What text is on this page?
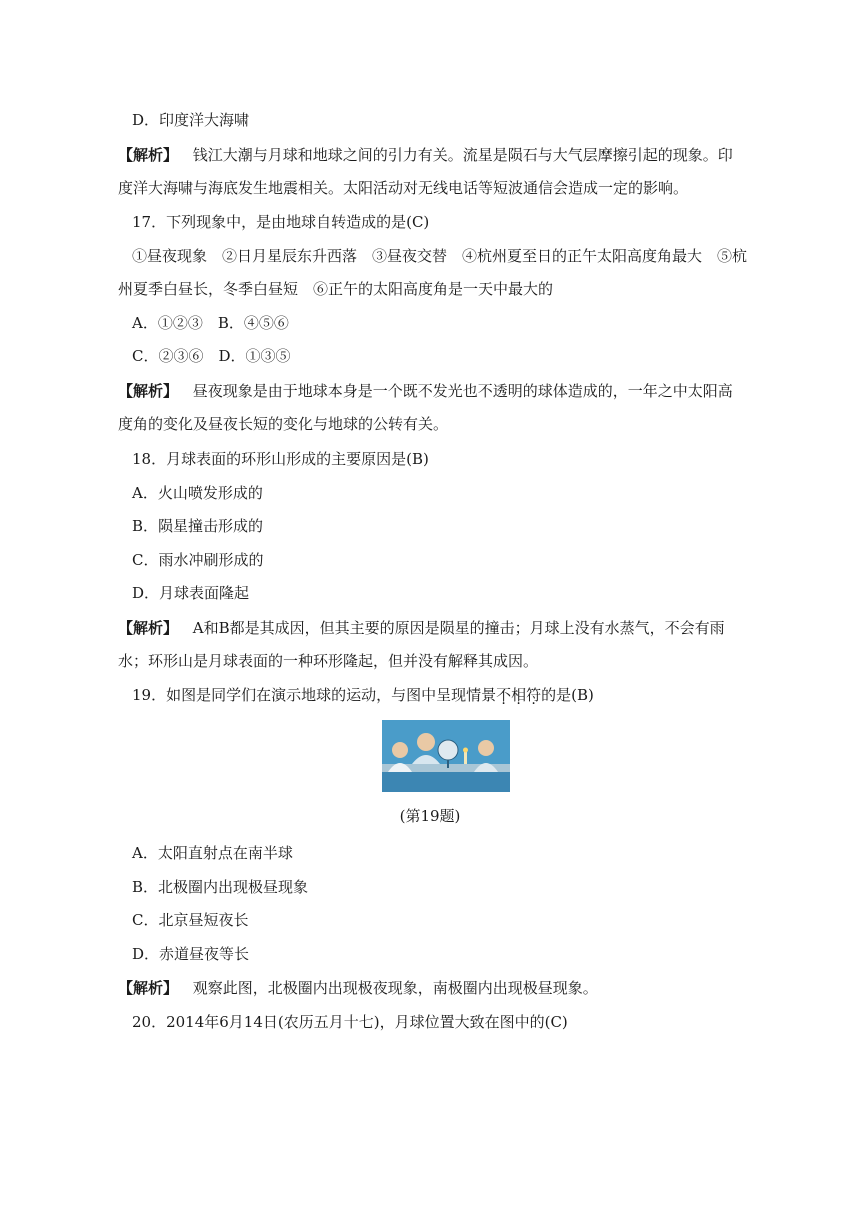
D．印度洋大海啸
【解析】 钱江大潮与月球和地球之间的引力有关。流星是陨石与大气层摩擦引起的现象。印
度洋大海啸与海底发生地震相关。太阳活动对无线电话等短波通信会造成一定的影响。
17．下列现象中，是由地球自转造成的是(C)
①昼夜现象　②日月星辰东升西落　③昼夜交替　④杭州夏至日的正午太阳高度角最大　⑤杭
州夏季白昼长，冬季白昼短　⑥正午的太阳高度角是一天中最大的
A．①②③　B．④⑤⑥
C．②③⑥　D．①③⑤
【解析】 昼夜现象是由于地球本身是一个既不发光也不透明的球体造成的，一年之中太阳高
度角的变化及昼夜长短的变化与地球的公转有关。
18．月球表面的环形山形成的主要原因是(B)
A．火山喷发形成的
B．陨星撞击形成的
C．雨水冲刷形成的
D．月球表面隆起
【解析】 A和B都是其成因，但其主要的原因是陨星的撞击；月球上没有水蒸气，不会有雨
水；环形山是月球表面的一种环形隆起，但并没有解释其成因。
19．如图是同学们在演示地球的运动，与图中呈现情景不相符的是(B)
(第19题)
A．太阳直射点在南半球
B．北极圈内出现极昼现象
C．北京昼短夜长
D．赤道昼夜等长
【解析】 观察此图，北极圈内出现极夜现象，南极圈内出现极昼现象。
20．2014年6月14日(农历五月十七)，月球位置大致在图中的(C)
